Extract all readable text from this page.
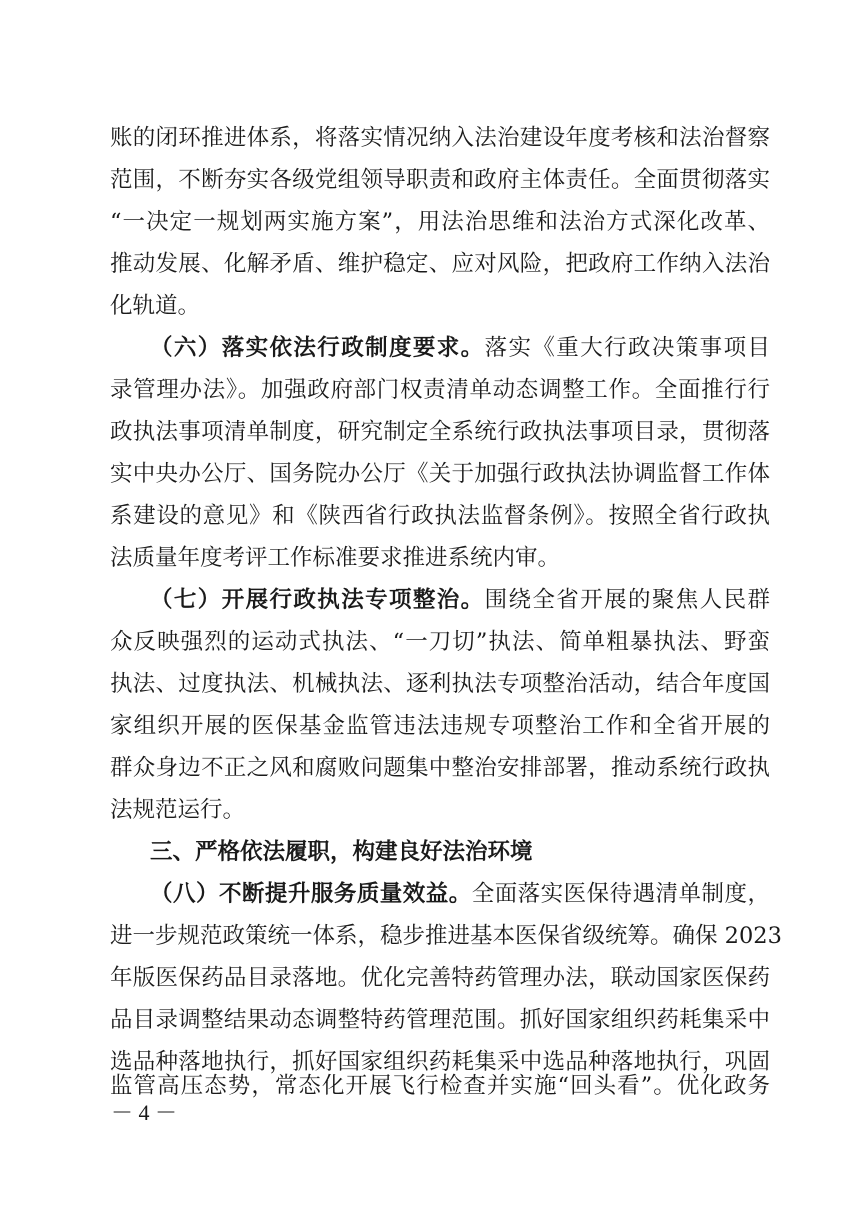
账的闭环推进体系，将落实情况纳入法治建设年度考核和法治督察
范围，不断夯实各级党组领导职责和政府主体责任。全面贯彻落实
“一决定一规划两实施方案”，用法治思维和法治方式深化改革、
推动发展、化解矛盾、维护稳定、应对风险，把政府工作纳入法治
化轨道。
（六）落实依法行政制度要求。落实《重大行政决策事项目
录管理办法》。加强政府部门权责清单动态调整工作。全面推行行
政执法事项清单制度，研究制定全系统行政执法事项目录，贯彻落
实中央办公厅、国务院办公厅《关于加强行政执法协调监督工作体
系建设的意见》和《陕西省行政执法监督条例》。按照全省行政执
法质量年度考评工作标准要求推进系统内审。
（七）开展行政执法专项整治。围绕全省开展的聚焦人民群
众反映强烈的运动式执法、“一刀切”执法、简单粗暴执法、野蛮
执法、过度执法、机械执法、逐利执法专项整治活动，结合年度国
家组织开展的医保基金监管违法违规专项整治工作和全省开展的
群众身边不正之风和腐败问题集中整治安排部署，推动系统行政执
法规范运行。
三、严格依法履职，构建良好法治环境
（八）不断提升服务质量效益。全面落实医保待遇清单制度，
进一步规范政策统一体系，稳步推进基本医保省级统筹。确保 2023
年版医保药品目录落地。优化完善特药管理办法，联动国家医保药
品目录调整结果动态调整特药管理范围。抓好国家组织药耗集采中
选品种落地执行，抓好国家组织药耗集采中选品种落地执行，巩固
监管高压态势，常态化开展飞行检查并实施“回头看”。优化政务
－ 4 －
